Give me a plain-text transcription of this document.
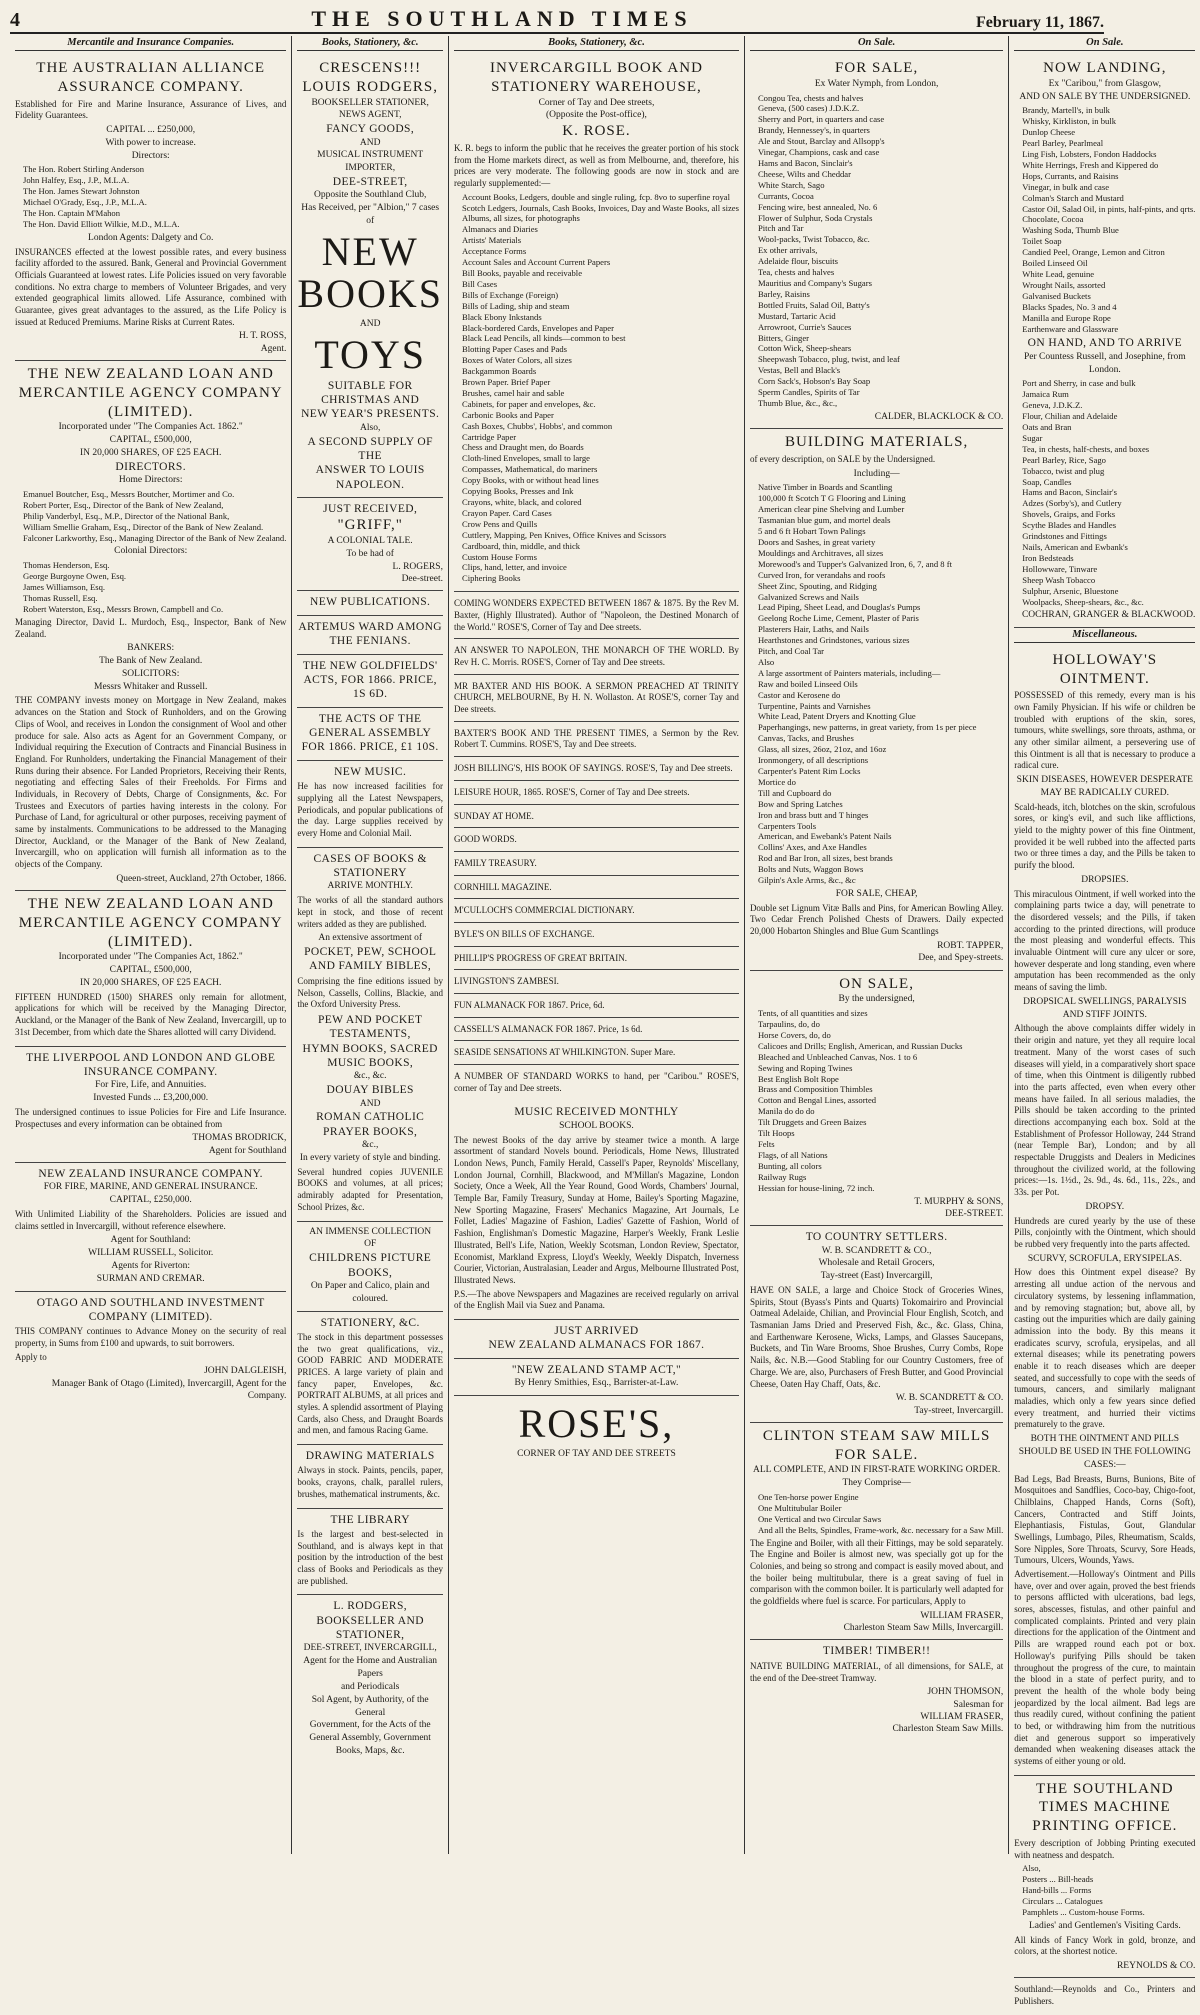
4	THE SOUTHLAND TIMES	February 11, 1867.
Mercantile and Insurance Companies.
THE AUSTRALIAN ALLIANCE ASSURANCE COMPANY.
Established for Fire and Marine Insurance, Assurance of Lives, and Fidelity Guarantees.
CAPITAL ... £250,000,
With power to increase.
Directors:
The Hon. Robert Stirling Anderson
John Halfey, Esq., J.P., M.L.A.
The Hon. James Stewart Johnston
Michael O'Grady, Esq., J.P., M.L.A.
The Hon. Captain M'Mahon
The Hon. David Elliott Wilkie, M.D., M.L.A.
London Agents: Dalgety and Co.
INSURANCES effected at the lowest possible rates, and every business facility afforded to the assured. Bank, General and Provincial Government Officials Guaranteed at lowest rates. Life Policies issued on very favorable conditions. No extra charge to members of Volunteer Brigades, and very extended geographical limits allowed. Life Assurance, combined with Guarantee, gives great advantages to the assured, as the Life Policy is issued at Reduced Premiums. Marine Risks at Current Rates.
H. T. ROSS,
Agent.
THE NEW ZEALAND LOAN AND MERCANTILE AGENCY COMPANY (LIMITED).
Incorporated under "The Companies Act. 1862."
CAPITAL, £500,000,
IN 20,000 SHARES, OF £25 EACH.
DIRECTORS.
Home Directors:
Emanuel Boutcher, Esq., Messrs Boutcher, Mortimer and Co.
Robert Porter, Esq., Director of the Bank of New Zealand,
Philip Vanderbyl, Esq., M.P., Director of the National Bank,
William Smellie Graham, Esq., Director of the Bank of New Zealand.
Falconer Larkworthy, Esq., Managing Director of the Bank of New Zealand.
Colonial Directors:
Thomas Henderson, Esq.
George Burgoyne Owen, Esq.
James Williamson, Esq.
Thomas Russell, Esq.
Robert Waterston, Esq., Messrs Brown, Campbell and Co.
Managing Director, David L. Murdoch, Esq., Inspector, Bank of New Zealand.
BANKERS:
The Bank of New Zealand.
SOLICITORS:
Messrs Whitaker and Russell.
THE COMPANY invests money on Mortgage in New Zealand, makes advances on the Station and Stock of Runholders, and on the Growing Clips of Wool, and receives in London the consignment of Wool and other produce for sale. Also acts as Agent for an Government Company, or Individual requiring the Execution of Contracts and Financial Business in England. For Runholders, undertaking the Financial Management of their Runs during their absence. For Landed Proprietors, Receiving their Rents, negotiating and effecting Sales of their Freeholds. For Firms and Individuals, in Recovery of Debts, Charge of Consignments, &c. For Trustees and Executors of parties having interests in the colony. For Purchase of Land, for agricultural or other purposes, receiving payment of same by instalments. Communications to be addressed to the Managing Director, Auckland, or the Manager of the Bank of New Zealand, Invercargill, who on application will furnish all information as to the objects of the Company.
Queen-street, Auckland, 27th October, 1866.
THE NEW ZEALAND LOAN AND MERCANTILE AGENCY COMPANY (LIMITED).
Incorporated under "The Companies Act, 1862."
CAPITAL, £500,000,
IN 20,000 SHARES, OF £25 EACH.
FIFTEEN HUNDRED (1500) SHARES only remain for allotment, applications for which will be received by the Managing Director, Auckland, or the Manager of the Bank of New Zealand, Invercargill, up to 31st December, from which date the Shares allotted will carry Dividend.
THE LIVERPOOL AND LONDON AND GLOBE INSURANCE COMPANY.
For Fire, Life, and Annuities.
Invested Funds ... £3,200,000.
The undersigned continues to issue Policies for Fire and Life Insurance. Prospectuses and every information can be obtained from
THOMAS BRODRICK,
Agent for Southland
NEW ZEALAND INSURANCE COMPANY.
FOR FIRE, MARINE, AND GENERAL INSURANCE.
CAPITAL, £250,000.
With Unlimited Liability of the Shareholders. Policies are issued and claims settled in Invercargill, without reference elsewhere.
Agent for Southland:
WILLIAM RUSSELL, Solicitor.
Agents for Riverton:
SURMAN AND CREMAR.
OTAGO AND SOUTHLAND INVESTMENT COMPANY (LIMITED).
THIS COMPANY continues to Advance Money on the security of real property, in Sums from £100 and upwards, to suit borrowers.
Apply to
JOHN DALGLEISH,
Manager Bank of Otago (Limited), Invercargill, Agent for the Company.
Books, Stationery, &c.
CRESCENS!!!
LOUIS RODGERS,
BOOKSELLER STATIONER, NEWS AGENT,
FANCY GOODS,
AND
MUSICAL INSTRUMENT IMPORTER,
DEE-STREET,
Opposite the Southland Club,
Has Received, per "Albion," 7 cases of
NEW BOOKS
AND
TOYS
SUITABLE FOR CHRISTMAS AND
NEW YEAR'S PRESENTS.
Also,
A SECOND SUPPLY OF THE
ANSWER TO LOUIS NAPOLEON.
JUST RECEIVED,
"GRIFF,"
A COLONIAL TALE.
To be had of
L. ROGERS,
Dee-street.
NEW PUBLICATIONS.
ARTEMUS WARD AMONG THE FENIANS.
THE NEW GOLDFIELDS' ACTS, FOR 1866. PRICE, 1S 6D.
THE ACTS OF THE GENERAL ASSEMBLY FOR 1866. PRICE, £1 10S.
NEW MUSIC.
He has now increased facilities for supplying all the Latest Newspapers, Periodicals, and popular publications of the day. Large supplies received by every Home and Colonial Mail.
CASES OF BOOKS & STATIONERY
ARRIVE MONTHLY.
The works of all the standard authors kept in stock, and those of recent writers added as they are published.
An extensive assortment of
POCKET, PEW, SCHOOL AND FAMILY BIBLES,
Comprising the fine editions issued by Nelson, Cassells, Collins, Blackie, and the Oxford University Press.
PEW AND POCKET TESTAMENTS,
HYMN BOOKS, SACRED MUSIC BOOKS,
&c., &c.
DOUAY BIBLES
AND
ROMAN CATHOLIC PRAYER BOOKS,
&c.,
In every variety of style and binding.
Several hundred copies JUVENILE BOOKS and volumes, at all prices; admirably adapted for Presentation, School Prizes, &c.
AN IMMENSE COLLECTION
OF
CHILDRENS PICTURE BOOKS,
On Paper and Calico, plain and coloured.
STATIONERY, &C.
The stock in this department possesses the two great qualifications, viz., GOOD FABRIC AND MODERATE PRICES. A large variety of plain and fancy paper, Envelopes, &c. PORTRAIT ALBUMS, at all prices and styles. A splendid assortment of Playing Cards, also Chess, and Draught Boards and men, and famous Racing Game.
DRAWING MATERIALS
Always in stock. Paints, pencils, paper, books, crayons, chalk, parallel rulers, brushes, mathematical instruments, &c.
THE LIBRARY
Is the largest and best-selected in Southland, and is always kept in that position by the introduction of the best class of Books and Periodicals as they are published.
L. RODGERS,
BOOKSELLER AND STATIONER,
DEE-STREET, INVERCARGILL,
Agent for the Home and Australian Papers
and Periodicals
Sol Agent, by Authority, of the General
Government, for the Acts of the
General Assembly, Government
Books, Maps, &c.
Books, Stationery, &c.
INVERCARGILL BOOK AND STATIONERY WAREHOUSE,
Corner of Tay and Dee streets,
(Opposite the Post-office),
K. ROSE.
K. R. begs to inform the public that he receives the greater portion of his stock from the Home markets direct, as well as from Melbourne, and, therefore, his prices are very moderate. The following goods are now in stock and are regularly supplemented:—
Account Books, Ledgers, double and single ruling, fcp. 8vo to superfine royal
Scotch Ledgers, Journals, Cash Books, Invoices, Day and Waste Books, all sizes
Albums, all sizes, for photographs
Almanacs and Diaries
Artists' Materials
Acceptance Forms
Account Sales and Account Current Papers
Bill Books, payable and receivable
Bill Cases
Bills of Exchange (Foreign)
Bills of Lading, ship and steam
Black Ebony Inkstands
Black-bordered Cards, Envelopes and Paper
Black Lead Pencils, all kinds—common to best
Blotting Paper Cases and Pads
Boxes of Water Colors, all sizes
Backgammon Boards
Brown Paper. Brief Paper
Brushes, camel hair and sable
Cabinets, for paper and envelopes, &c.
Carbonic Books and Paper
Cash Boxes, Chubbs', Hobbs', and common
Cartridge Paper
Chess and Draught men, do Boards
Cloth-lined Envelopes, small to large
Compasses, Mathematical, do mariners
Copy Books, with or without head lines
Copying Books, Presses and Ink
Crayons, white, black, and colored
Crayon Paper. Card Cases
Crow Pens and Quills
Cuttlery, Mapping, Pen Knives, Office Knives and Scissors
Cardboard, thin, middle, and thick
Custom House Forms
Clips, hand, letter, and invoice
Ciphering Books
COMING WONDERS EXPECTED BETWEEN 1867 & 1875. By the Rev M. Baxter, (Highly Illustrated). Author of "Napoleon, the Destined Monarch of the World." ROSE'S, Corner of Tay and Dee streets.
AN ANSWER TO NAPOLEON, THE MONARCH OF THE WORLD. By Rev H. C. Morris. ROSE'S, Corner of Tay and Dee streets.
MR BAXTER AND HIS BOOK. A SERMON PREACHED AT TRINITY CHURCH, MELBOURNE, By H. N. Wollaston. At ROSE'S, corner Tay and Dee streets.
BAXTER'S BOOK AND THE PRESENT TIMES, a Sermon by the Rev. Robert T. Cummins. ROSE'S, Tay and Dee streets.
JOSH BILLING'S, HIS BOOK OF SAYINGS. ROSE'S, Tay and Dee streets.
LEISURE HOUR, 1865. ROSE'S, Corner of Tay and Dee streets.
SUNDAY AT HOME.
GOOD WORDS.
FAMILY TREASURY.
CORNHILL MAGAZINE.
M'CULLOCH'S COMMERCIAL DICTIONARY.
BYLE'S ON BILLS OF EXCHANGE.
PHILLIP'S PROGRESS OF GREAT BRITAIN.
LIVINGSTON'S ZAMBESI.
FUN ALMANACK FOR 1867. Price, 6d.
CASSELL'S ALMANACK FOR 1867. Price, 1s 6d.
SEASIDE SENSATIONS AT WHILKINGTON. Super Mare.
A NUMBER OF STANDARD WORKS to hand, per "Caribou." ROSE'S, corner of Tay and Dee streets.
MUSIC RECEIVED MONTHLY
SCHOOL BOOKS.
The newest Books of the day arrive by steamer twice a month. A large assortment of standard Novels bound. Periodicals, Home News, Illustrated London News, Punch, Family Herald, Cassell's Paper, Reynolds' Miscellany, London Journal, Cornhill, Blackwood, and M'Millan's Magazine, London Society, Once a Week, All the Year Round, Good Words, Chambers' Journal, Temple Bar, Family Treasury, Sunday at Home, Bailey's Sporting Magazine, New Sporting Magazine, Frasers' Mechanics Magazine, Art Journals, Le Follet, Ladies' Magazine of Fashion, Ladies' Gazette of Fashion, World of Fashion, Englishman's Domestic Magazine, Harper's Weekly, Frank Leslie Illustrated, Bell's Life, Nation, Weekly Scotsman, London Review, Spectator, Economist, Markland Express, Lloyd's Weekly, Weekly Dispatch, Inverness Courier, Victorian, Australasian, Leader and Argus, Melbourne Illustrated Post, Illustrated News.
P.S.—The above Newspapers and Magazines are received regularly on arrival of the English Mail via Suez and Panama.
JUST ARRIVED
NEW ZEALAND ALMANACS FOR 1867.
"NEW ZEALAND STAMP ACT,"
By Henry Smithies, Esq., Barrister-at-Law.
ROSE'S,
CORNER OF TAY AND DEE STREETS
On Sale.
FOR SALE,
Ex Water Nymph, from London,
Congou Tea, chests and halves
Geneva, (500 cases) J.D.K.Z.
Sherry and Port, in quarters and case
Brandy, Hennessey's, in quarters
Ale and Stout, Barclay and Allsopp's
Vinegar, Champions, cask and case
Hams and Bacon, Sinclair's
Cheese, Wilts and Cheddar
White Starch, Sago
Currants, Cocoa
Fencing wire, best annealed, No. 6
Flower of Sulphur, Soda Crystals
Pitch and Tar
Wool-packs, Twist Tobacco, &c.
Ex other arrivals,
Adelaide flour, biscuits
Tea, chests and halves
Mauritius and Company's Sugars
Barley, Raisins
Bottled Fruits, Salad Oil, Batty's
Mustard, Tartaric Acid
Arrowroot, Currie's Sauces
Bitters, Ginger
Cotton Wick, Sheep-shears
Sheepwash Tobacco, plug, twist, and leaf
Vestas, Bell and Black's
Corn Sack's, Hobson's Bay Soap
Sperm Candles, Spirits of Tar
Thumb Blue, &c., &c.,
CALDER, BLACKLOCK & CO.
BUILDING MATERIALS,
of every description, on SALE by the Undersigned.
Including—
Native Timber in Boards and Scantling
100,000 ft Scotch T G Flooring and Lining
American clear pine Shelving and Lumber
Tasmanian blue gum, and mortel deals
5 and 6 ft Hobart Town Palings
Doors and Sashes, in great variety
Mouldings and Architraves, all sizes
Morewood's and Tupper's Galvanized Iron, 6, 7, and 8 ft
Curved Iron, for verandahs and roofs
Sheet Zinc, Spouting, and Ridging
Galvanized Screws and Nails
Lead Piping, Sheet Lead, and Douglas's Pumps
Geelong Roche Lime, Cement, Plaster of Paris
Plasterers Hair, Laths, and Nails
Hearthstones and Grindstones, various sizes
Pitch, and Coal Tar
Also
A large assortment of Painters materials, including—
Raw and boiled Linseed Oils
Castor and Kerosene do
Turpentine, Paints and Varnishes
White Lead, Patent Dryers and Knotting Glue
Paperhangings, new patterns, in great variety, from 1s per piece
Canvas, Tacks, and Brushes
Glass, all sizes, 26oz, 21oz, and 16oz
Ironmongery, of all descriptions
Carpenter's Patent Rim Locks
Mortice do
Till and Cupboard do
Bow and Spring Latches
Iron and brass butt and T hinges
Carpenters Tools
American, and Ewebank's Patent Nails
Collins' Axes, and Axe Handles
Rod and Bar Iron, all sizes, best brands
Bolts and Nuts, Waggon Bows
Gilpin's Axle Arms, &c., &c
FOR SALE, CHEAP,
Double set Lignum Vitæ Balls and Pins, for American Bowling Alley. Two Cedar French Polished Chests of Drawers. Daily expected 20,000 Hobarton Shingles and Blue Gum Scantlings
ROBT. TAPPER,
Dee, and Spey-streets.
ON SALE,
By the undersigned,
Tents, of all quantities and sizes
Tarpaulins, do, do
Horse Covers, do, do
Calicoes and Drills; English, American, and Russian Ducks
Bleached and Unbleached Canvas, Nos. 1 to 6
Sewing and Roping Twines
Best English Bolt Rope
Brass and Composition Thimbles
Cotton and Bengal Lines, assorted
Manila do do do
Tilt Druggets and Green Baizes
Tilt Hoops
Felts
Flags, of all Nations
Bunting, all colors
Railway Rugs
Hessian for house-lining, 72 inch.
T. MURPHY & SONS,
DEE-STREET.
TO COUNTRY SETTLERS.
W. B. SCANDRETT & CO.,
Wholesale and Retail Grocers,
Tay-street (East) Invercargill,
HAVE ON SALE, a large and Choice Stock of Groceries Wines, Spirits, Stout (Byass's Pints and Quarts) Tokomairiro and Provincial Oatmeal Adelaide, Chilian, and Provincial Flour English, Scotch, and Tasmanian Jams Dried and Preserved Fish, &c., &c. Glass, China, and Earthenware Kerosene, Wicks, Lamps, and Glasses Saucepans, Buckets, and Tin Ware Brooms, Shoe Brushes, Curry Combs, Rope Nails, &c. N.B.—Good Stabling for our Country Customers, free of Charge. We are, also, Purchasers of Fresh Butter, and Good Provincial Cheese, Oaten Hay Chaff, Oats, &c.
W. B. SCANDRETT & CO.
Tay-street, Invercargill.
CLINTON STEAM SAW MILLS FOR SALE.
ALL COMPLETE, AND IN FIRST-RATE WORKING ORDER.
They Comprise—
One Ten-horse power Engine
One Multitubular Boiler
One Vertical and two Circular Saws
And all the Belts, Spindles, Frame-work, &c. necessary for a Saw Mill.
The Engine and Boiler, with all their Fittings, may be sold separately. The Engine and Boiler is almost new, was specially got up for the Colonies, and being so strong and compact is easily moved about, and the boiler being multitubular, there is a great saving of fuel in comparison with the common boiler. It is particularly well adapted for the goldfields where fuel is scarce. For particulars, Apply to
WILLIAM FRASER,
Charleston Steam Saw Mills, Invercargill.
TIMBER! TIMBER!!
NATIVE BUILDING MATERIAL, of all dimensions, for SALE, at the end of the Dee-street Tramway.
JOHN THOMSON,
Salesman for
WILLIAM FRASER,
Charleston Steam Saw Mills.
On Sale.
NOW LANDING,
Ex "Caribou," from Glasgow,
AND ON SALE BY THE UNDERSIGNED.
Brandy, Martell's, in bulk
Whisky, Kirkliston, in bulk
Dunlop Cheese
Pearl Barley, Pearlmeal
Ling Fish, Lobsters, Fondon Haddocks
White Herrings, Fresh and Kippered do
Hops, Currants, and Raisins
Vinegar, in bulk and case
Colman's Starch and Mustard
Castor Oil, Salad Oil, in pints, half-pints, and qrts.
Chocolate, Cocoa
Washing Soda, Thumb Blue
Toilet Soap
Candied Peel, Orange, Lemon and Citron
Boiled Linseed Oil
White Lead, genuine
Wrought Nails, assorted
Galvanised Buckets
Blacks Spades, No. 3 and 4
Manilla and Europe Rope
Earthenware and Glassware
ON HAND, AND TO ARRIVE
Per Countess Russell, and Josephine, from London.
Port and Sherry, in case and bulk
Jamaica Rum
Geneva, J.D.K.Z.
Flour, Chilian and Adelaide
Oats and Bran
Sugar
Tea, in chests, half-chests, and boxes
Pearl Barley, Rice, Sago
Tobacco, twist and plug
Soap, Candles
Hams and Bacon, Sinclair's
Adzes (Sorby's), and Cutlery
Shovels, Graips, and Forks
Scythe Blades and Handles
Grindstones and Fittings
Nails, American and Ewbank's
Iron Bedsteads
Hollowware, Tinware
Sheep Wash Tobacco
Sulphur, Arsenic, Bluestone
Woolpacks, Sheep-shears, &c., &c.
COCHRAN, GRANGER & BLACKWOOD.
Miscellaneous.
HOLLOWAY'S OINTMENT.
POSSESSED of this remedy, every man is his own Family Physician. If his wife or children be troubled with eruptions of the skin, sores, tumours, white swellings, sore throats, asthma, or any other similar ailment, a persevering use of this Ointment is all that is necessary to produce a radical cure.
SKIN DISEASES, HOWEVER DESPERATE MAY BE RADICALLY CURED.
Scald-heads, itch, blotches on the skin, scrofulous sores, or king's evil, and such like afflictions, yield to the mighty power of this fine Ointment, provided it be well rubbed into the affected parts two or three times a day, and the Pills be taken to purify the blood.
DROPSIES.
This miraculous Ointment, if well worked into the complaining parts twice a day, will penetrate to the disordered vessels; and the Pills, if taken according to the printed directions, will produce the most pleasing and wonderful effects. This invaluable Ointment will cure any ulcer or sore, however desperate and long standing, even where amputation has been recommended as the only means of saving the limb.
DROPSICAL SWELLINGS, PARALYSIS AND STIFF JOINTS.
Although the above complaints differ widely in their origin and nature, yet they all require local treatment. Many of the worst cases of such diseases will yield, in a comparatively short space of time, when this Ointment is diligently rubbed into the parts affected, even when every other means have failed. In all serious maladies, the Pills should be taken according to the printed directions accompanying each box. Sold at the Establishment of Professor Holloway, 244 Strand (near Temple Bar), London; and by all respectable Druggists and Dealers in Medicines throughout the civilized world, at the following prices:—1s. 1½d., 2s. 9d., 4s. 6d., 11s., 22s., and 33s. per Pot.
DROPSY.
Hundreds are cured yearly by the use of these Pills, conjointly with the Ointment, which should be rubbed very frequently into the parts affected.
SCURVY, SCROFULA, ERYSIPELAS.
How does this Ointment expel disease? By arresting all undue action of the nervous and circulatory systems, by lessening inflammation, and by removing stagnation; but, above all, by casting out the impurities which are daily gaining admission into the body. By this means it eradicates scurvy, scrofula, erysipelas, and all external diseases; while its penetrating powers enable it to reach diseases which are deeper seated, and successfully to cope with the seeds of tumours, cancers, and similarly malignant maladies, which only a few years since defied every treatment, and hurried their victims prematurely to the grave.
BOTH THE OINTMENT AND PILLS SHOULD BE USED IN THE FOLLOWING CASES:—
Bad Legs, Bad Breasts, Burns, Bunions, Bite of Mosquitoes and Sandflies, Coco-bay, Chigo-foot, Chilblains, Chapped Hands, Corns (Soft), Cancers, Contracted and Stiff Joints, Elephantiasis, Fistulas, Gout, Glandular Swellings, Lumbago, Piles, Rheumatism, Scalds, Sore Nipples, Sore Throats, Scurvy, Sore Heads, Tumours, Ulcers, Wounds, Yaws.
Advertisement.—Holloway's Ointment and Pills have, over and over again, proved the best friends to persons afflicted with ulcerations, bad legs, sores, abscesses, fistulas, and other painful and complicated complaints. Printed and very plain directions for the application of the Ointment and Pills are wrapped round each pot or box. Holloway's purifying Pills should be taken throughout the progress of the cure, to maintain the blood in a state of perfect purity, and to prevent the health of the whole body being jeopardized by the local ailment. Bad legs are thus readily cured, without confining the patient to bed, or withdrawing him from the nutritious diet and generous support so imperatively demanded when weakening diseases attack the systems of either young or old.
THE SOUTHLAND TIMES MACHINE PRINTING OFFICE.
Every description of Jobbing Printing executed with neatness and despatch.
Also,
Posters ... Bill-heads
Hand-bills ... Forms
Circulars ... Catalogues
Pamphlets ... Custom-house Forms.
Ladies' and Gentlemen's Visiting Cards.
All kinds of Fancy Work in gold, bronze, and colors, at the shortest notice.
REYNOLDS & CO.
Southland:—Reynolds and Co., Printers and Publishers.
